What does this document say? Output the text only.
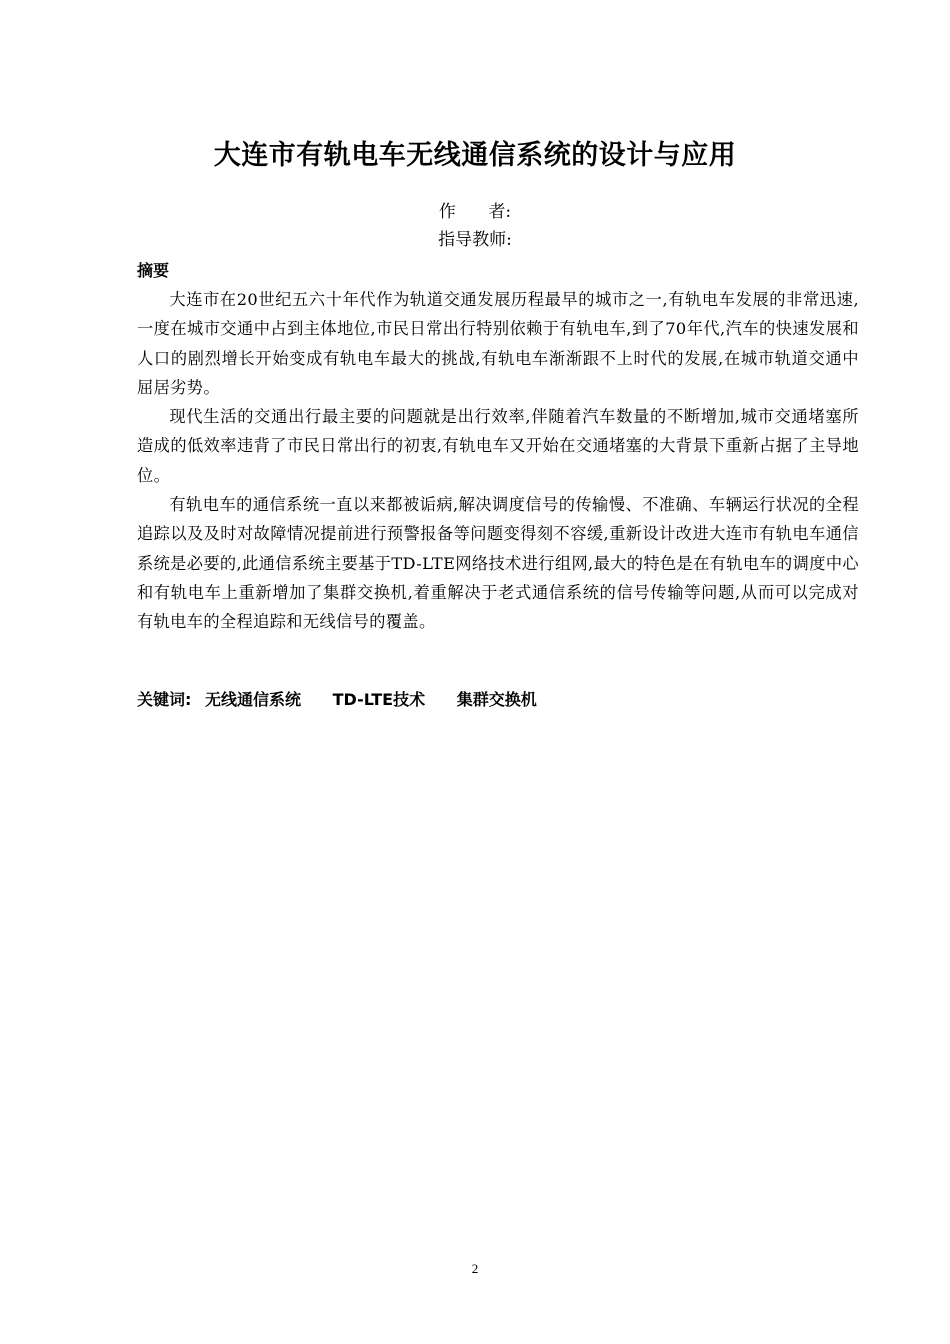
大连市有轨电车无线通信系统的设计与应用
作      者:
指导教师:
摘要

大连市在20世纪五六十年代作为轨道交通发展历程最早的城市之一,有轨电车发展的非常迅速,一度在城市交通中占到主体地位,市民日常出行特别依赖于有轨电车,到了70年代,汽车的快速发展和人口的剧烈增长开始变成有轨电车最大的挑战,有轨电车渐渐跟不上时代的发展,在城市轨道交通中屈居劣势。

现代生活的交通出行最主要的问题就是出行效率,伴随着汽车数量的不断增加,城市交通堵塞所造成的低效率违背了市民日常出行的初衷,有轨电车又开始在交通堵塞的大背景下重新占据了主导地位。

有轨电车的通信系统一直以来都被诟病,解决调度信号的传输慢、不准确、车辆运行状况的全程追踪以及及时对故障情况提前进行预警报备等问题变得刻不容缓,重新设计改进大连市有轨电车通信系统是必要的,此通信系统主要基于TD-LTE网络技术进行组网,最大的特色是在有轨电车的调度中心和有轨电车上重新增加了集群交换机,着重解决于老式通信系统的信号传输等问题,从而可以完成对有轨电车的全程追踪和无线信号的覆盖。

关键词: 无线通信系统 TD-LTE技术 集群交换机
2
